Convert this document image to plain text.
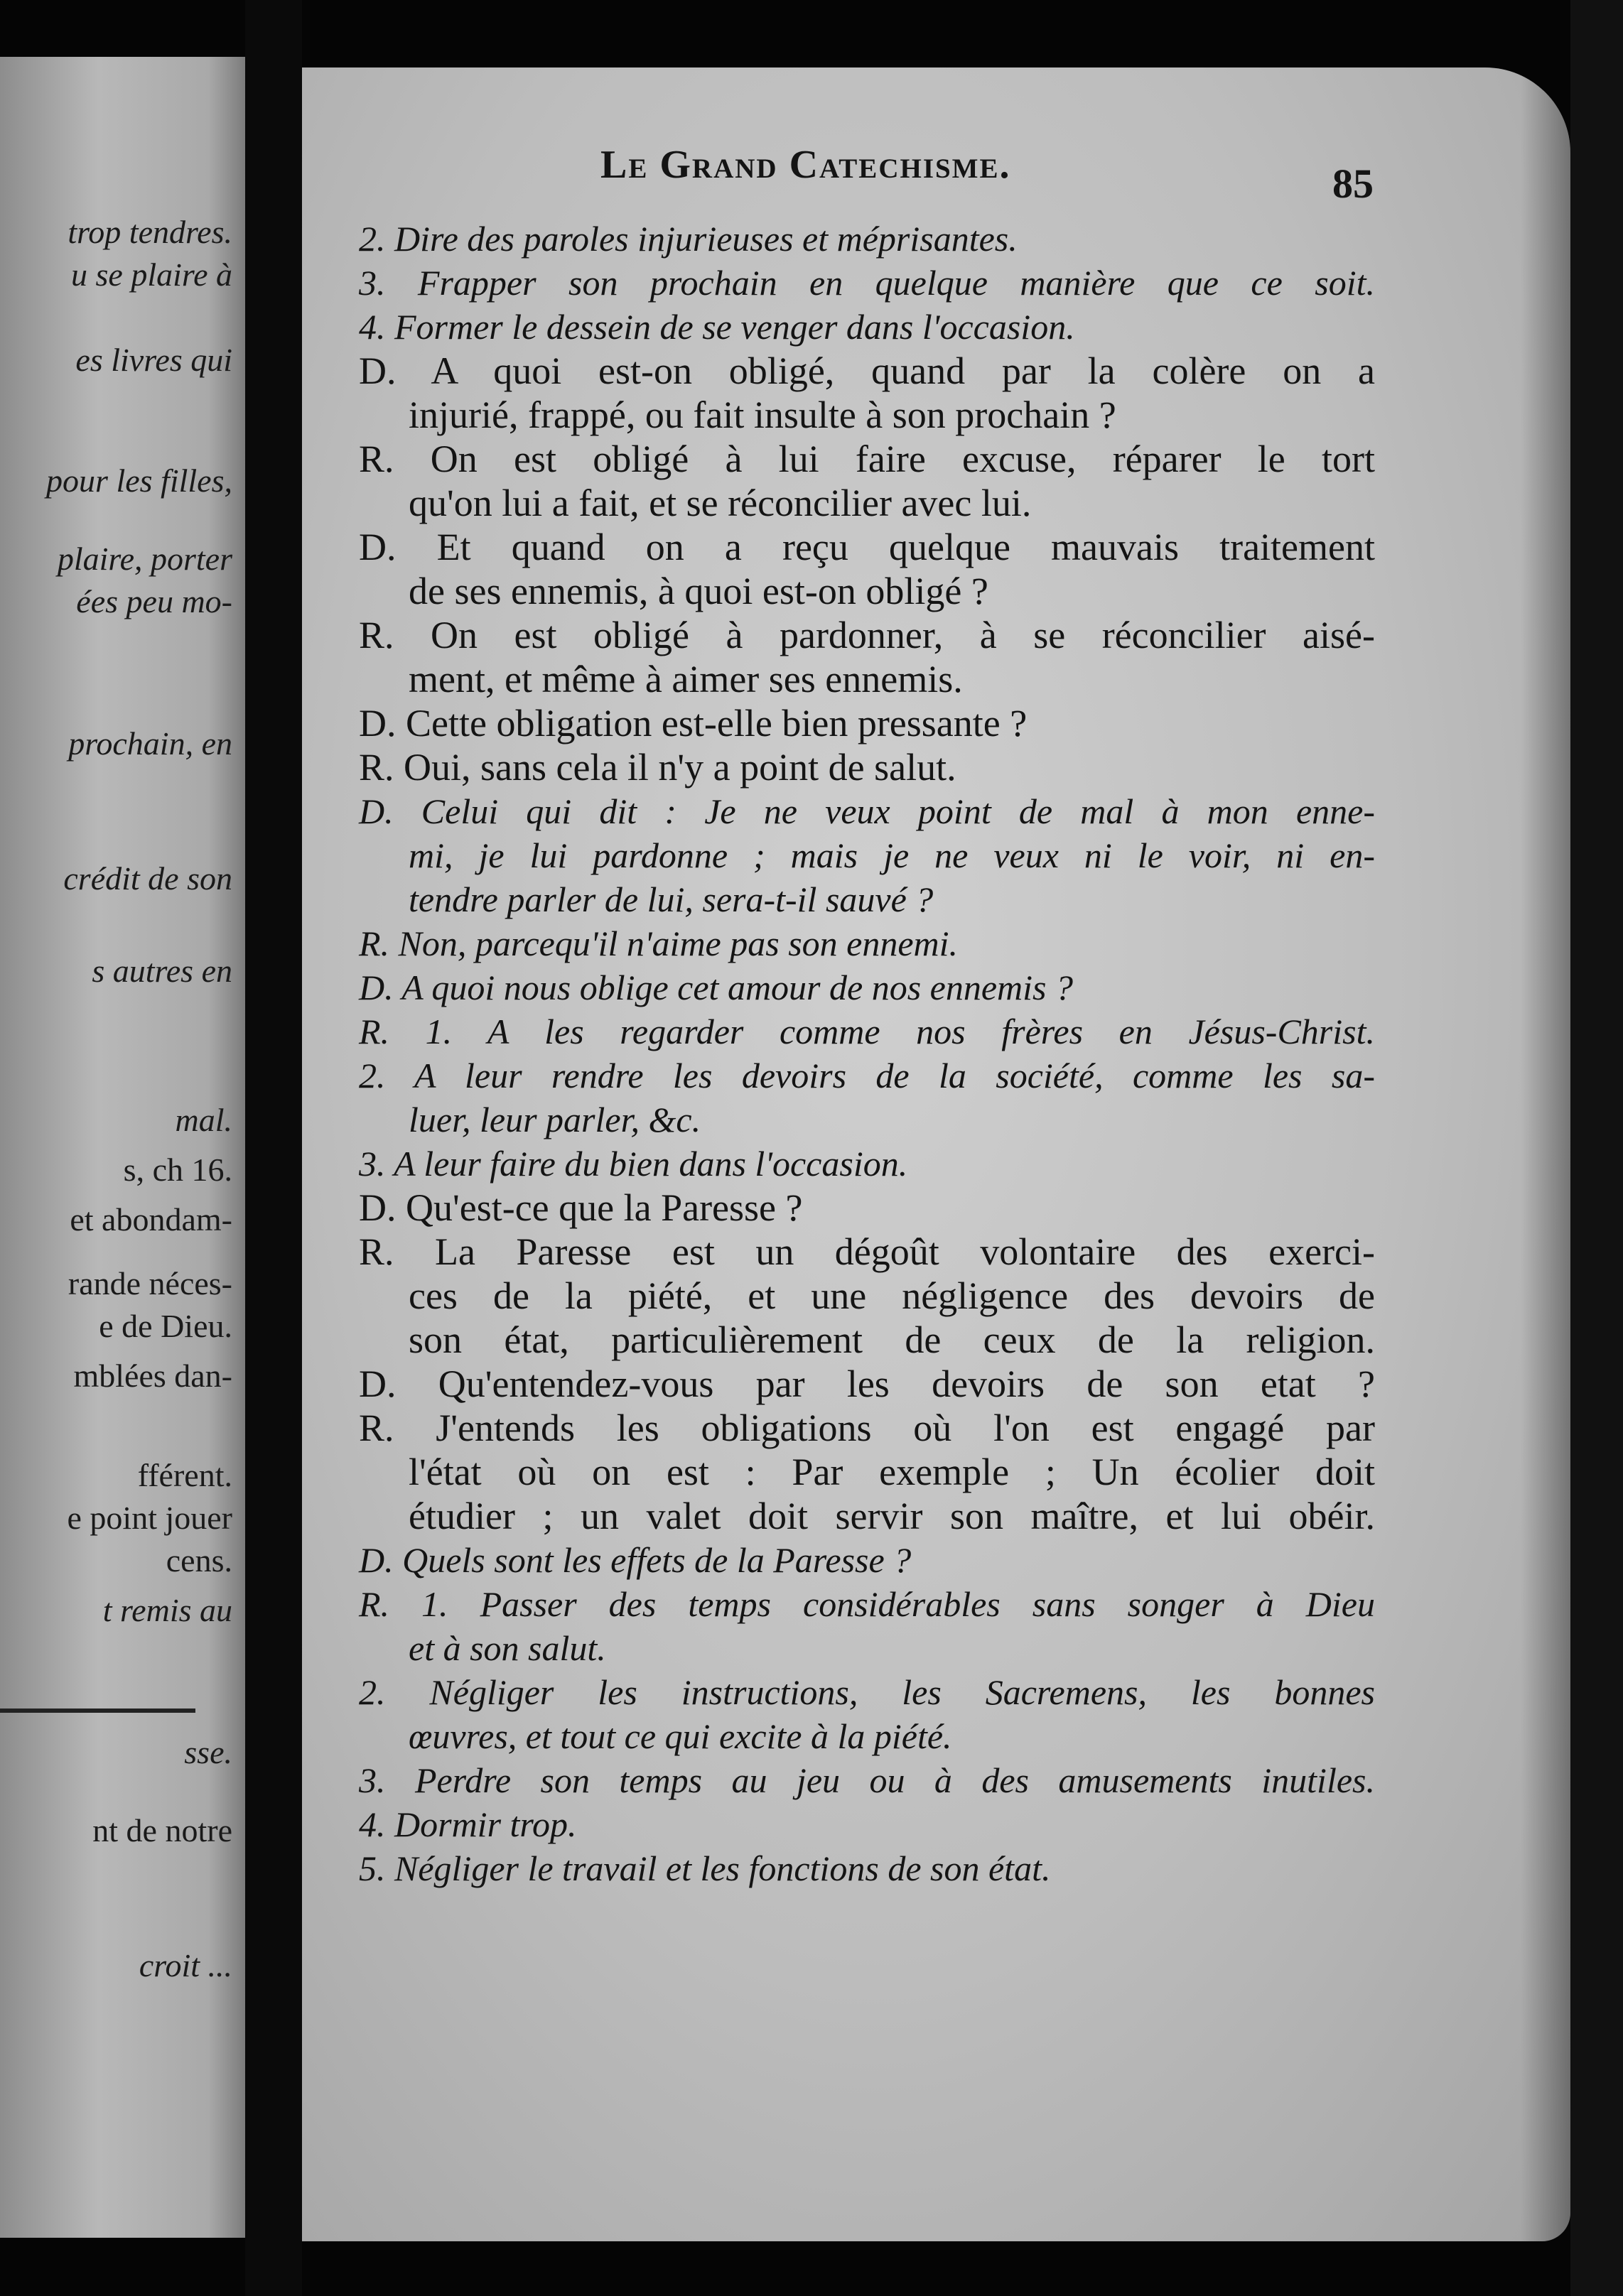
trop tendres.
u se plaire à
es livres qui
pour les filles,
plaire, porter
ées peu mo-
prochain, en
crédit de son
s autres en
mal.
s, ch 16.
et abondam-
rande néces-
e de Dieu.
mblées dan-
fférent.
e point jouer
cens.
t remis au
sse.
nt de notre
croit ...
Le Grand Catechisme.	85
2. Dire des paroles injurieuses et méprisantes.
3. Frapper son prochain en quelque manière que ce soit.
4. Former le dessein de se venger dans l'occasion.
D. A quoi est-on obligé, quand par la colère on a
injurié, frappé, ou fait insulte à son prochain ?
R. On est obligé à lui faire excuse, réparer le tort
qu'on lui a fait, et se réconcilier avec lui.
D. Et quand on a reçu quelque mauvais traitement
de ses ennemis, à quoi est-on obligé ?
R. On est obligé à pardonner, à se réconcilier aisé-
ment, et même à aimer ses ennemis.
D. Cette obligation est-elle bien pressante ?
R. Oui, sans cela il n'y a point de salut.
D. Celui qui dit : Je ne veux point de mal à mon enne-
mi, je lui pardonne ; mais je ne veux ni le voir, ni en-
tendre parler de lui, sera-t-il sauvé ?
R. Non, parcequ'il n'aime pas son ennemi.
D. A quoi nous oblige cet amour de nos ennemis ?
R. 1. A les regarder comme nos frères en Jésus-Christ.
2. A leur rendre les devoirs de la société, comme les sa-
luer, leur parler, &c.
3. A leur faire du bien dans l'occasion.
D. Qu'est-ce que la Paresse ?
R. La Paresse est un dégoût volontaire des exerci-
ces de la piété, et une négligence des devoirs de
son état, particulièrement de ceux de la religion.
D. Qu'entendez-vous par les devoirs de son etat ?
R. J'entends les obligations où l'on est engagé par
l'état où on est : Par exemple ; Un écolier doit
étudier ; un valet doit servir son maître, et lui obéir.
D. Quels sont les effets de la Paresse ?
R. 1. Passer des temps considérables sans songer à Dieu
et à son salut.
2. Négliger les instructions, les Sacremens, les bonnes
œuvres, et tout ce qui excite à la piété.
3. Perdre son temps au jeu ou à des amusements inutiles.
4. Dormir trop.
5. Négliger le travail et les fonctions de son état.
